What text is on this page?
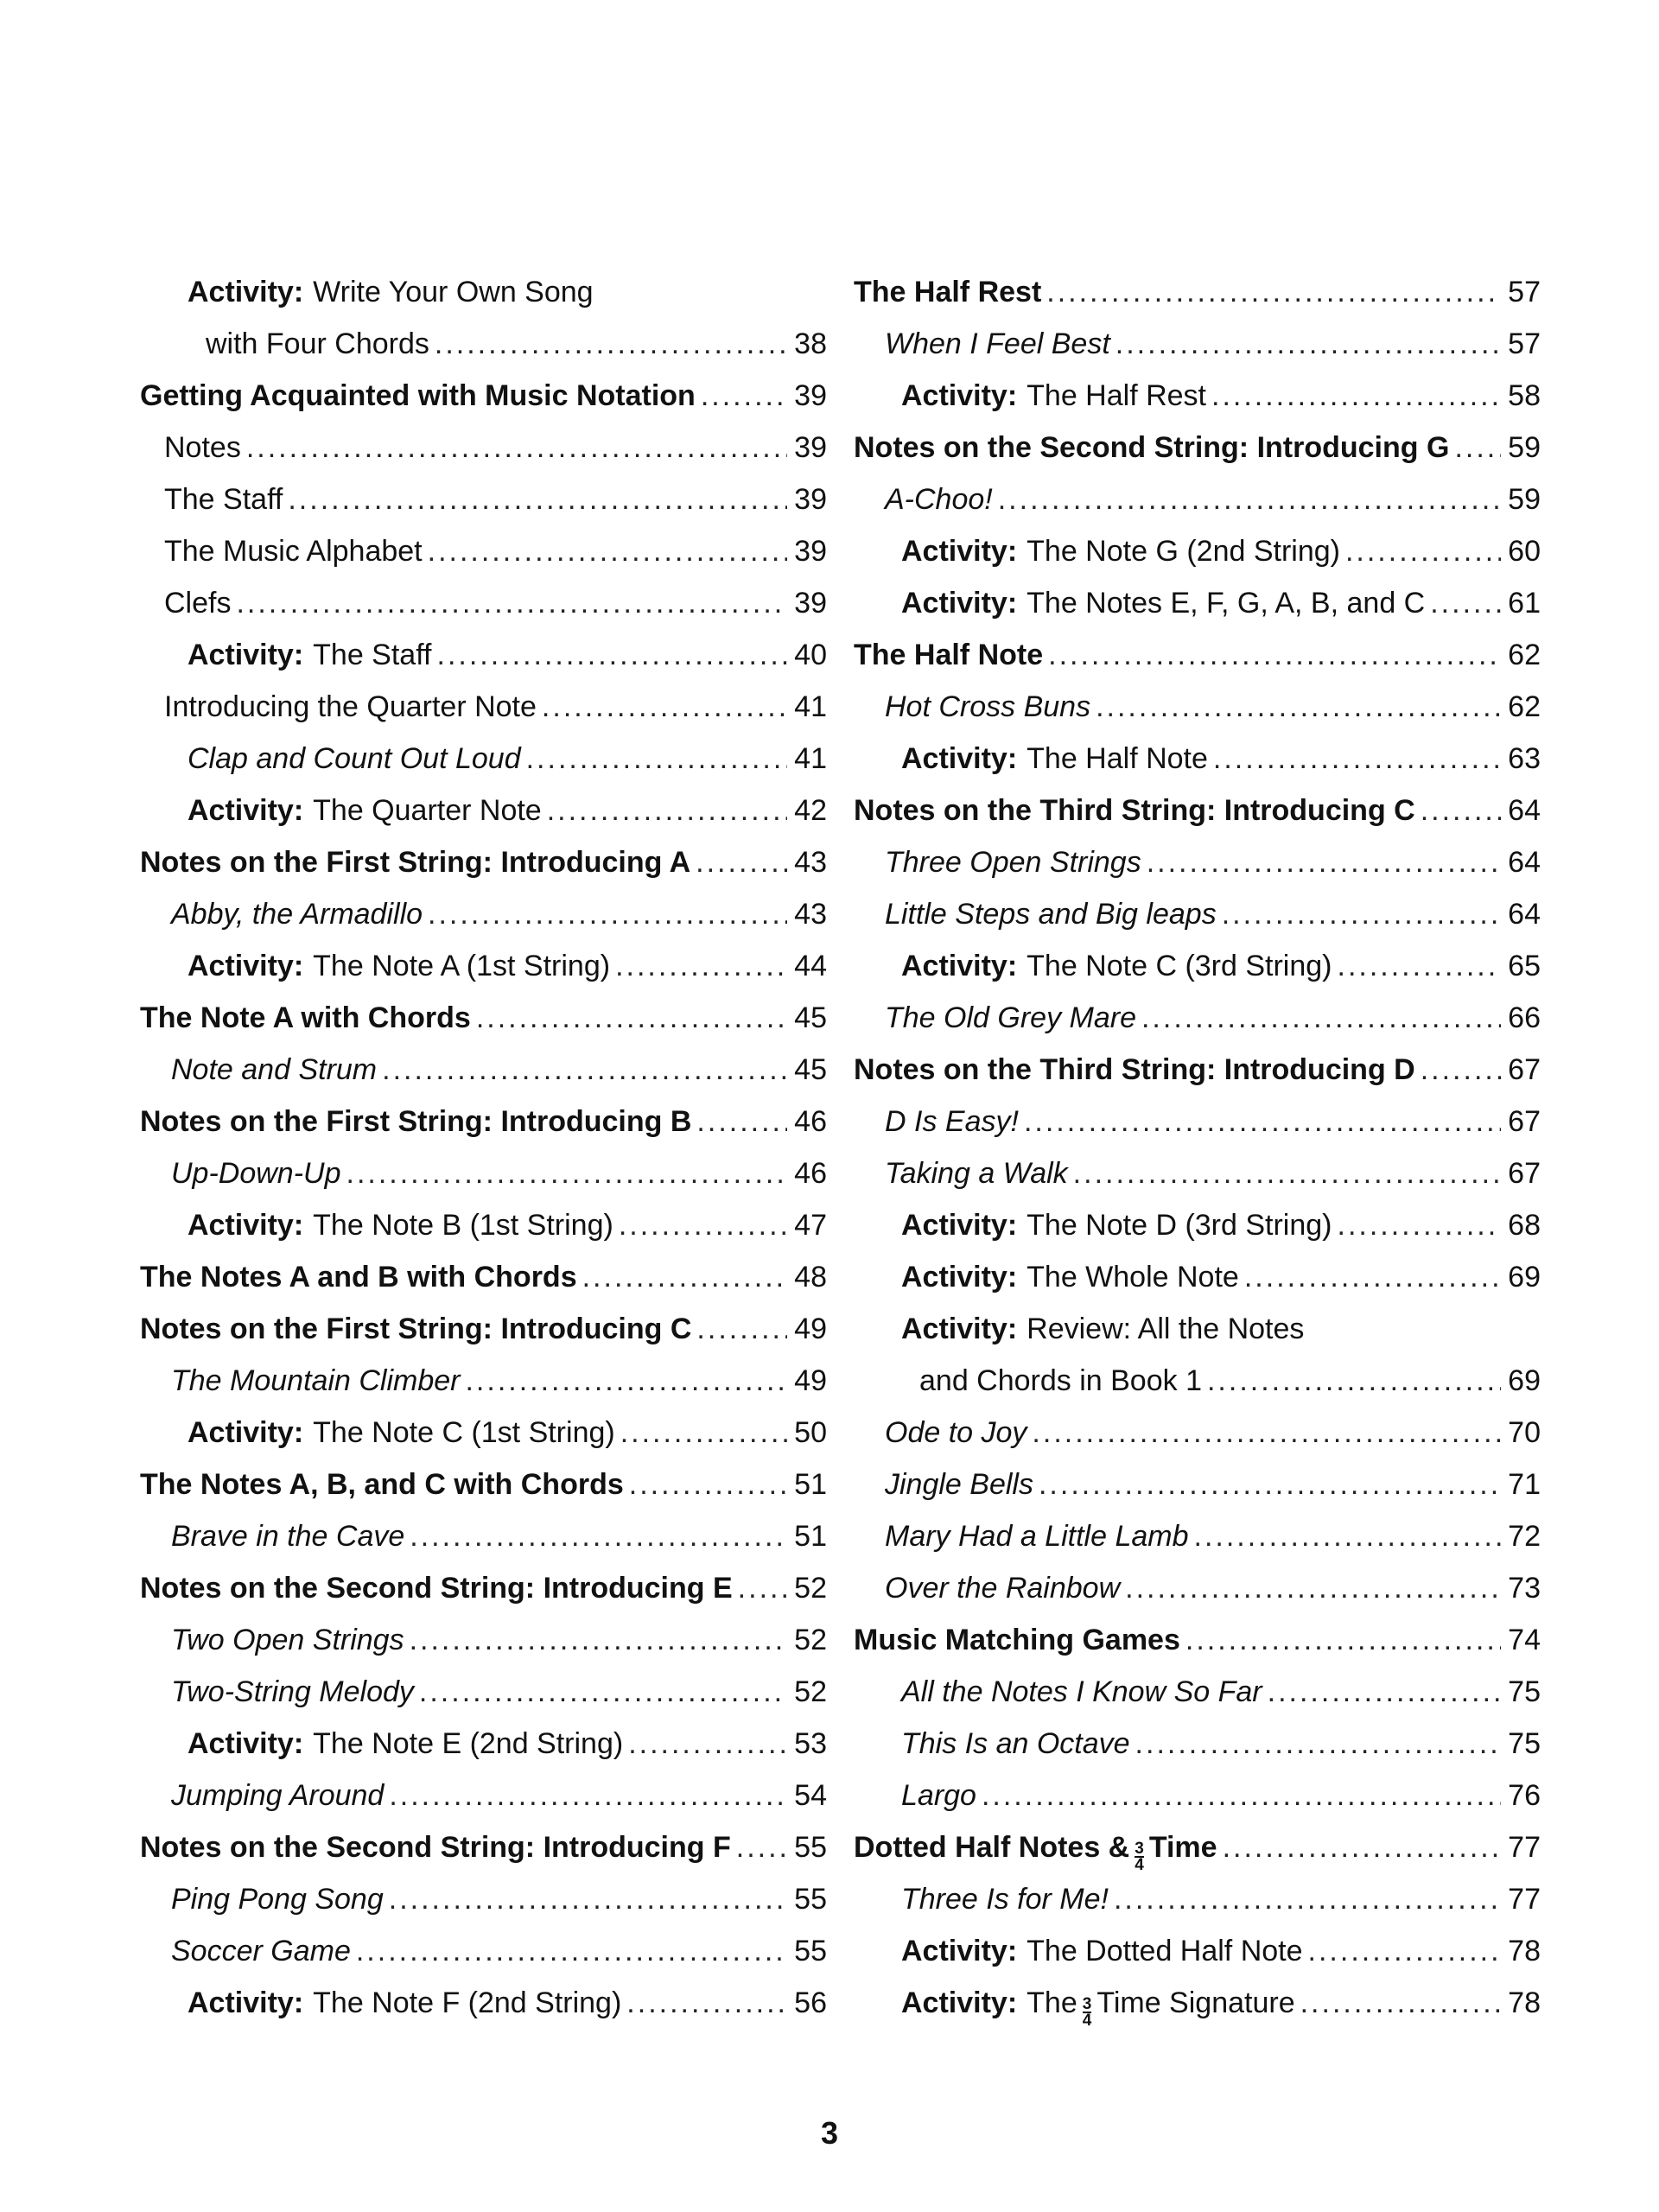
Activity: Write Your Own Song
with Four Chords .....	38
Getting Acquainted with Music Notation .....	39
Notes .....	39
The Staff .....	39
The Music Alphabet .....	39
Clefs .....	39
Activity: The Staff .....	40
Introducing the Quarter Note .....	41
Clap and Count Out Loud .....	41
Activity: The Quarter Note .....	42
Notes on the First String: Introducing A .....	43
Abby, the Armadillo .....	43
Activity: The Note A (1st String) .....	44
The Note A with Chords .....	45
Note and Strum .....	45
Notes on the First String: Introducing B .....	46
Up-Down-Up .....	46
Activity: The Note B (1st String) .....	47
The Notes A and B with Chords .....	48
Notes on the First String: Introducing C .....	49
The Mountain Climber .....	49
Activity: The Note C (1st String) .....	50
The Notes A, B, and C with Chords .....	51
Brave in the Cave .....	51
Notes on the Second String: Introducing E ..... 52
Two Open Strings .....	52
Two-String Melody .....	52
Activity: The Note E (2nd String) .....	53
Jumping Around .....	54
Notes on the Second String: Introducing F ..... 55
Ping Pong Song .....	55
Soccer Game .....	55
Activity: The Note F (2nd String) .....	56
The Half Rest .....	57
When I Feel Best .....	57
Activity: The Half Rest .....	58
Notes on the Second String: Introducing G ..... 59
A-Choo! .....	59
Activity: The Note G (2nd String) .....	60
Activity: The Notes E, F, G, A, B, and C .....	61
The Half Note .....	62
Hot Cross Buns .....	62
Activity: The Half Note .....	63
Notes on the Third String: Introducing C .....	64
Three Open Strings .....	64
Little Steps and Big leaps .....	64
Activity: The Note C (3rd String) .....	65
The Old Grey Mare .....	66
Notes on the Third String: Introducing D .....	67
D Is Easy! .....	67
Taking a Walk .....	67
Activity: The Note D (3rd String) .....	68
Activity: The Whole Note .....	69
Activity: Review: All the Notes
and Chords in Book 1 .....	69
Ode to Joy .....	70
Jingle Bells .....	71
Mary Had a Little Lamb .....	72
Over the Rainbow .....	73
Music Matching Games .....	74
All the Notes I Know So Far .....	75
This Is an Octave .....	75
Largo .....	76
Dotted Half Notes & $\frac{3}{4}$ Time .....	77
Three Is for Me! .....	77
Activity: The Dotted Half Note .....	78
Activity: The $\frac{3}{4}$ Time Signature .....	78
3
